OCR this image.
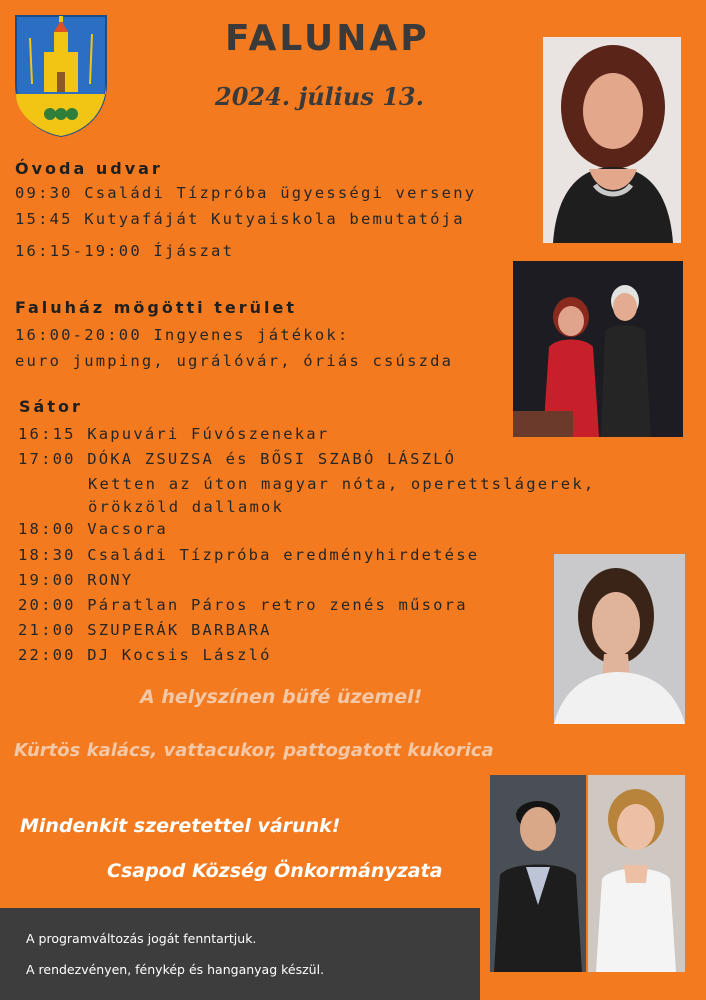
FALUNAP
2024. július 13.
Óvoda udvar
09:30 Családi Tízpróba ügyességi verseny
15:45 Kutyafáját Kutyaiskola bemutatója
16:15-19:00 Íjászat
Faluház mögötti terület
16:00-20:00 Ingyenes játékok:
euro jumping, ugrálóvár, óriás csúszda
Sátor
16:15 Kapuvári Fúvószenekar
17:00 DÓKA ZSUZSA és BŐSI SZABÓ LÁSZLÓ
Ketten az úton magyar nóta, operettslágerek,
örökzöld dallamok
18:00 Vacsora
18:30 Családi Tízpróba eredményhirdetése
19:00 RONY
20:00 Páratlan Páros retro zenés műsora
21:00 SZUPERÁK BARBARA
22:00 DJ Kocsis László
A helyszínen büfé üzemel!
Kürtös kalács, vattacukor, pattogatott kukorica
Mindenkit szeretettel várunk!
Csapod Község Önkormányzata
A programváltozás jogát fenntartjuk.
A rendezvényen, fénykép és hanganyag készül.
